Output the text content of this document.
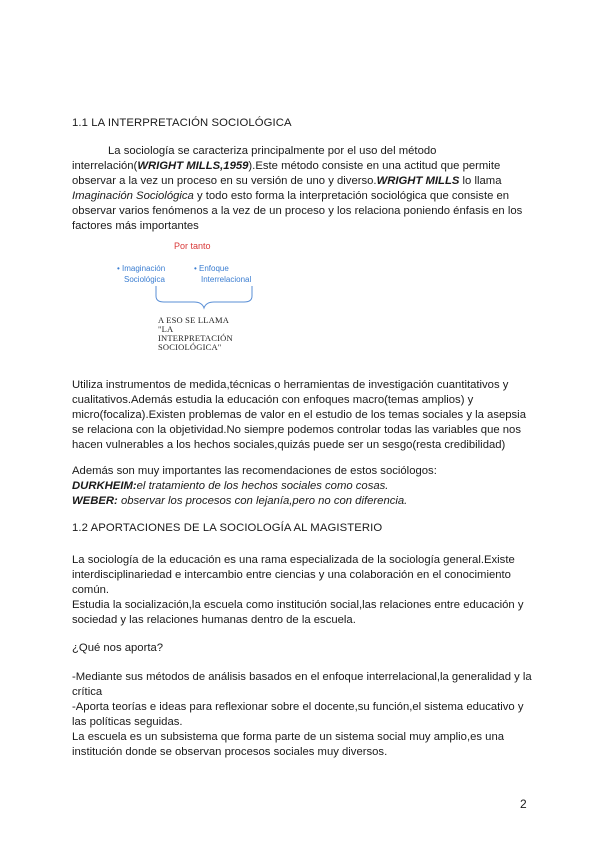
1.1 LA INTERPRETACIÓN SOCIOLÓGICA
La sociología se caracteriza principalmente por el uso del método
interrelación(WRIGHT MILLS,1959).Este método consiste en una actitud que permite
observar a la vez un proceso en su versión de uno y diverso.WRIGHT MILLS lo llama
Imaginación Sociológica y todo esto forma la interpretación sociológica que consiste en
observar varios fenómenos a la vez de un proceso y los relaciona poniendo énfasis en los
factores más importantes
Por tanto
• Imaginación
Sociológica
• Enfoque
Interrelacional
A ESO SE LLAMA
"LA
INTERPRETACIÓN
SOCIOLÓGICA"
Utiliza instrumentos de medida,técnicas o herramientas de investigación cuantitativos y
cualitativos.Además estudia la educación con enfoques macro(temas amplios) y
micro(focaliza).Existen problemas de valor en el estudio de los temas sociales y la asepsia
se relaciona con la objetividad.No siempre podemos controlar todas las variables que nos
hacen vulnerables a los hechos sociales,quizás puede ser un sesgo(resta credibilidad)
Además son muy importantes las recomendaciones de estos sociólogos:
DURKHEIM:el tratamiento de los hechos sociales como cosas.
WEBER: observar los procesos con lejanía,pero no con diferencia.
1.2 APORTACIONES DE LA SOCIOLOGÍA AL MAGISTERIO
La sociología de la educación es una rama especializada de la sociología general.Existe
interdisciplinariedad e intercambio entre ciencias y una colaboración en el conocimiento
común.
Estudia la socialización,la escuela como institución social,las relaciones entre educación y
sociedad y las relaciones humanas dentro de la escuela.
¿Qué nos aporta?
-Mediante sus métodos de análisis basados en el enfoque interrelacional,la generalidad y la
crítica
-Aporta teorías e ideas para reflexionar sobre el docente,su función,el sistema educativo y
las políticas seguidas.
La escuela es un subsistema que forma parte de un sistema social muy amplio,es una
institución donde se observan procesos sociales muy diversos.
2
